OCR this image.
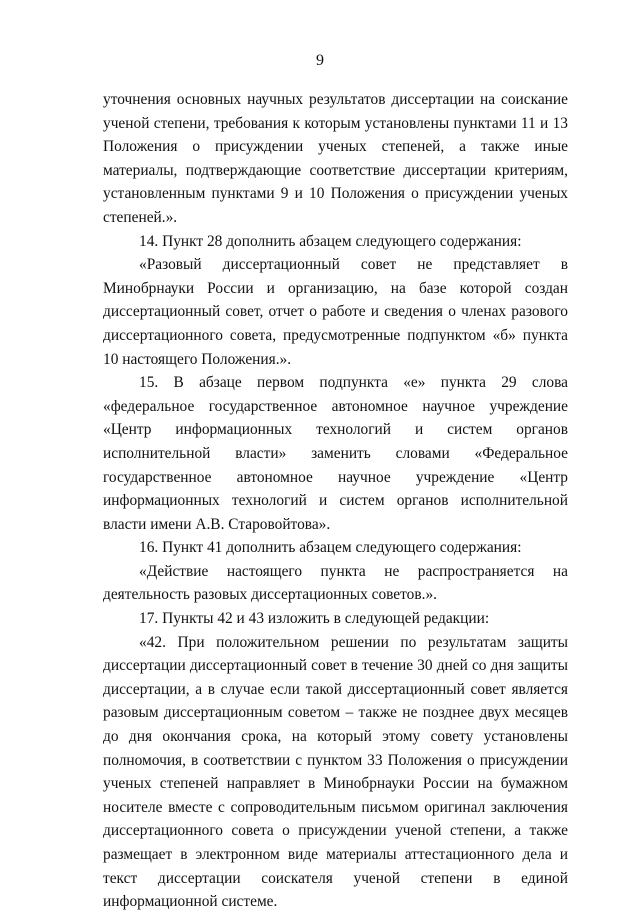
9

уточнения основных научных результатов диссертации на соискание ученой степени, требования к которым установлены пунктами 11 и 13 Положения о присуждении ученых степеней, а также иные материалы, подтверждающие соответствие диссертации критериям, установленным пунктами 9 и 10 Положения о присуждении ученых степеней.».

14. Пункт 28 дополнить абзацем следующего содержания:

«Разовый диссертационный совет не представляет в Минобрнауки России и организацию, на базе которой создан диссертационный совет, отчет о работе и сведения о членах разового диссертационного совета, предусмотренные подпунктом «б» пункта 10 настоящего Положения.».

15. В абзаце первом подпункта «е» пункта 29 слова «федеральное государственное автономное научное учреждение «Центр информационных технологий и систем органов исполнительной власти» заменить словами «Федеральное государственное автономное научное учреждение «Центр информационных технологий и систем органов исполнительной власти имени А.В. Старовойтова».

16. Пункт 41 дополнить абзацем следующего содержания:

«Действие настоящего пункта не распространяется на деятельность разовых диссертационных советов.».

17. Пункты 42 и 43 изложить в следующей редакции:

«42. При положительном решении по результатам защиты диссертации диссертационный совет в течение 30 дней со дня защиты диссертации, а в случае если такой диссертационный совет является разовым диссертационным советом – также не позднее двух месяцев до дня окончания срока, на который этому совету установлены полномочия, в соответствии с пунктом 33 Положения о присуждении ученых степеней направляет в Минобрнауки России на бумажном носителе вместе с сопроводительным письмом оригинал заключения диссертационного совета о присуждении ученой степени, а также размещает в электронном виде материалы аттестационного дела и текст диссертации соискателя ученой степени в единой информационной системе.
